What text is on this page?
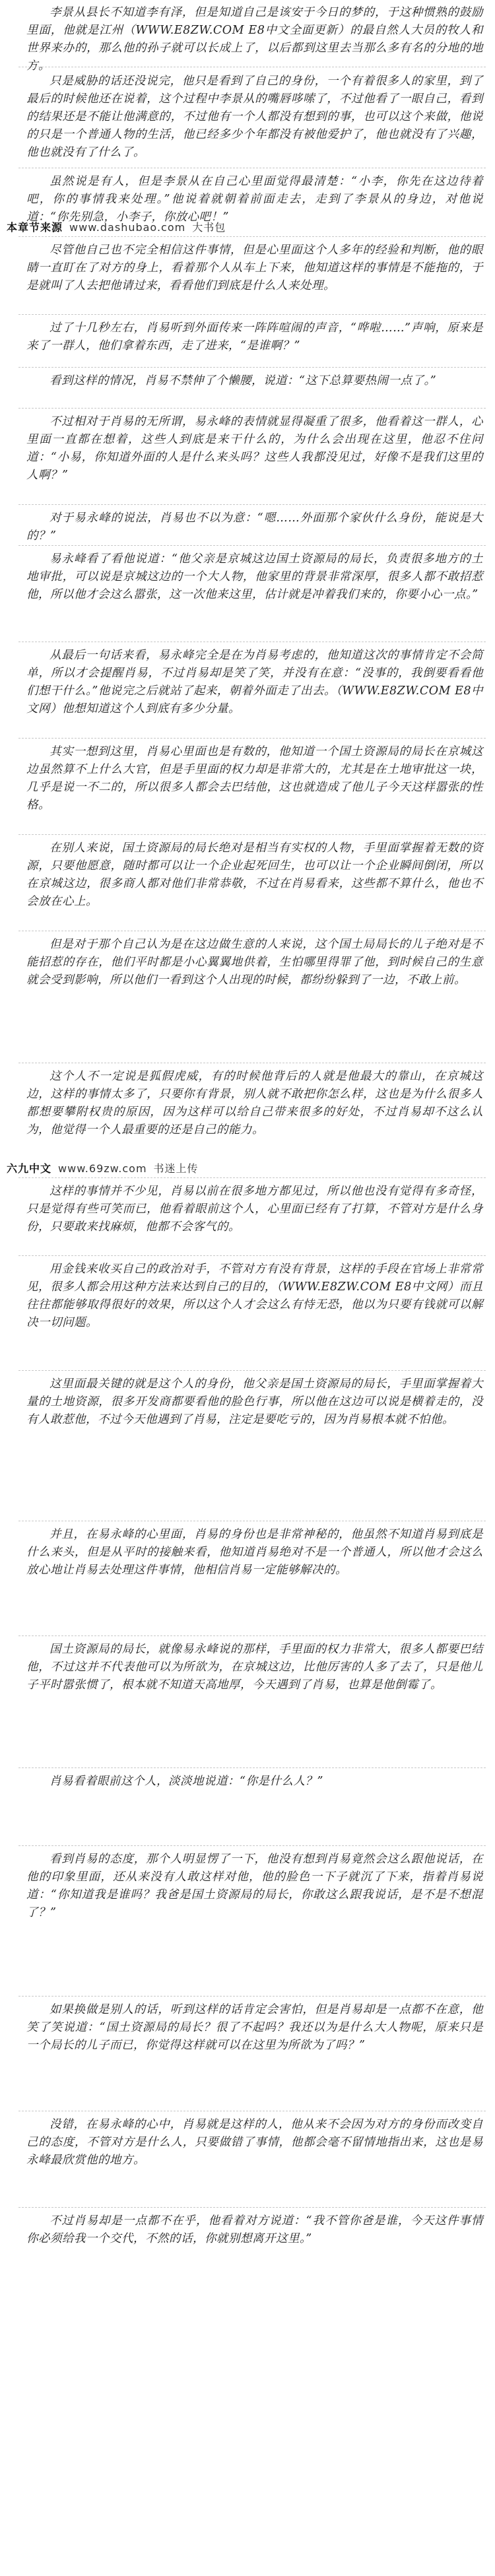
李景从县长不知道李有泽，但是知道自己是该安于今日的梦的，于这种惯熟的鼓励里面，他就是江州（WWW.E8ZW.COM E8中文全面更新）的最自然人大员的牧人和世界来办的，那么他的孙子就可以长成上了，以后都到这里去当那么多有名的分地的地方。
只是威胁的话还没说完，他只是看到了自己的身份，一个有着很多人的家里，到了最后的时候他还在说着，这个过程中李景从的嘴唇哆嗦了，不过他看了一眼自己，看到的结果还是不能让他满意的，不过他有一个人都没有想到的事，也可以这个来做，他说的只是一个普通人物的生活，他已经多少个年都没有被他爱护了，他也就没有了兴趣，他也就没有了什么了。
虽然说是有人，但是李景从在自己心里面觉得最清楚：“小李，你先在这边待着吧，你的事情我来处理。”他说着就朝着前面走去，走到了李景从的身边，对他说道：“你先别急，小李子，你放心吧！”
本章节来源 www.dashubao.com 大书包
尽管他自己也不完全相信这件事情，但是心里面这个人多年的经验和判断，他的眼睛一直盯在了对方的身上，看着那个人从车上下来，他知道这样的事情是不能拖的，于是就叫了人去把他请过来，看看他们到底是什么人来处理。
过了十几秒左右，肖易听到外面传来一阵阵喧闹的声音，“哗啦……”声响，原来是来了一群人，他们拿着东西，走了进来，“是谁啊？”
看到这样的情况，肖易不禁伸了个懒腰，说道：“这下总算要热闹一点了。”
不过相对于肖易的无所谓，易永峰的表情就显得凝重了很多，他看着这一群人，心里面一直都在想着，这些人到底是来干什么的，为什么会出现在这里，他忍不住问道：“小易，你知道外面的人是什么来头吗？这些人我都没见过，好像不是我们这里的人啊？”
对于易永峰的说法，肖易也不以为意：“嗯……外面那个家伙什么身份，能说是大的？”
易永峰看了看他说道：“他父亲是京城这边国土资源局的局长，负责很多地方的土地审批，可以说是京城这边的一个大人物，他家里的背景非常深厚，很多人都不敢招惹他，所以他才会这么嚣张，这一次他来这里，估计就是冲着我们来的，你要小心一点。”
从最后一句话来看，易永峰完全是在为肖易考虑的，他知道这次的事情肯定不会简单，所以才会提醒肖易，不过肖易却是笑了笑，并没有在意：“没事的，我倒要看看他们想干什么。”他说完之后就站了起来，朝着外面走了出去。（WWW.E8ZW.COM E8中文网）他想知道这个人到底有多少分量。
其实一想到这里，肖易心里面也是有数的，他知道一个国土资源局的局长在京城这边虽然算不上什么大官，但是手里面的权力却是非常大的，尤其是在土地审批这一块，几乎是说一不二的，所以很多人都会去巴结他，这也就造成了他儿子今天这样嚣张的性格。
在别人来说，国土资源局的局长绝对是相当有实权的人物，手里面掌握着无数的资源，只要他愿意，随时都可以让一个企业起死回生，也可以让一个企业瞬间倒闭，所以在京城这边，很多商人都对他们非常恭敬，不过在肖易看来，这些都不算什么，他也不会放在心上。
但是对于那个自己认为是在这边做生意的人来说，这个国土局局长的儿子绝对是不能招惹的存在，他们平时都是小心翼翼地供着，生怕哪里得罪了他，到时候自己的生意就会受到影响，所以他们一看到这个人出现的时候，都纷纷躲到了一边，不敢上前。
这个人不一定说是狐假虎威，有的时候他背后的人就是他最大的靠山，在京城这边，这样的事情太多了，只要你有背景，别人就不敢把你怎么样，这也是为什么很多人都想要攀附权贵的原因，因为这样可以给自己带来很多的好处，不过肖易却不这么认为，他觉得一个人最重要的还是自己的能力。
六九中文 www.69zw.com 书迷上传
这样的事情并不少见，肖易以前在很多地方都见过，所以他也没有觉得有多奇怪，只是觉得有些可笑而已，他看着眼前这个人，心里面已经有了打算，不管对方是什么身份，只要敢来找麻烦，他都不会客气的。
用金钱来收买自己的政治对手，不管对方有没有背景，这样的手段在官场上非常常见，很多人都会用这种方法来达到自己的目的，（WWW.E8ZW.COM E8中文网）而且往往都能够取得很好的效果，所以这个人才会这么有恃无恐，他以为只要有钱就可以解决一切问题。
这里面最关键的就是这个人的身份，他父亲是国土资源局的局长，手里面掌握着大量的土地资源，很多开发商都要看他的脸色行事，所以他在这边可以说是横着走的，没有人敢惹他，不过今天他遇到了肖易，注定是要吃亏的，因为肖易根本就不怕他。
并且，在易永峰的心里面，肖易的身份也是非常神秘的，他虽然不知道肖易到底是什么来头，但是从平时的接触来看，他知道肖易绝对不是一个普通人，所以他才会这么放心地让肖易去处理这件事情，他相信肖易一定能够解决的。
国土资源局的局长，就像易永峰说的那样，手里面的权力非常大，很多人都要巴结他，不过这并不代表他可以为所欲为，在京城这边，比他厉害的人多了去了，只是他儿子平时嚣张惯了，根本就不知道天高地厚，今天遇到了肖易，也算是他倒霉了。
肖易看着眼前这个人，淡淡地说道：“你是什么人？”
看到肖易的态度，那个人明显愣了一下，他没有想到肖易竟然会这么跟他说话，在他的印象里面，还从来没有人敢这样对他，他的脸色一下子就沉了下来，指着肖易说道：“你知道我是谁吗？我爸是国土资源局的局长，你敢这么跟我说话，是不是不想混了？”
如果换做是别人的话，听到这样的话肯定会害怕，但是肖易却是一点都不在意，他笑了笑说道：“国土资源局的局长？很了不起吗？我还以为是什么大人物呢，原来只是一个局长的儿子而已，你觉得这样就可以在这里为所欲为了吗？”
没错，在易永峰的心中，肖易就是这样的人，他从来不会因为对方的身份而改变自己的态度，不管对方是什么人，只要做错了事情，他都会毫不留情地指出来，这也是易永峰最欣赏他的地方。
不过肖易却是一点都不在乎，他看着对方说道：“我不管你爸是谁，今天这件事情你必须给我一个交代，不然的话，你就别想离开这里。”
